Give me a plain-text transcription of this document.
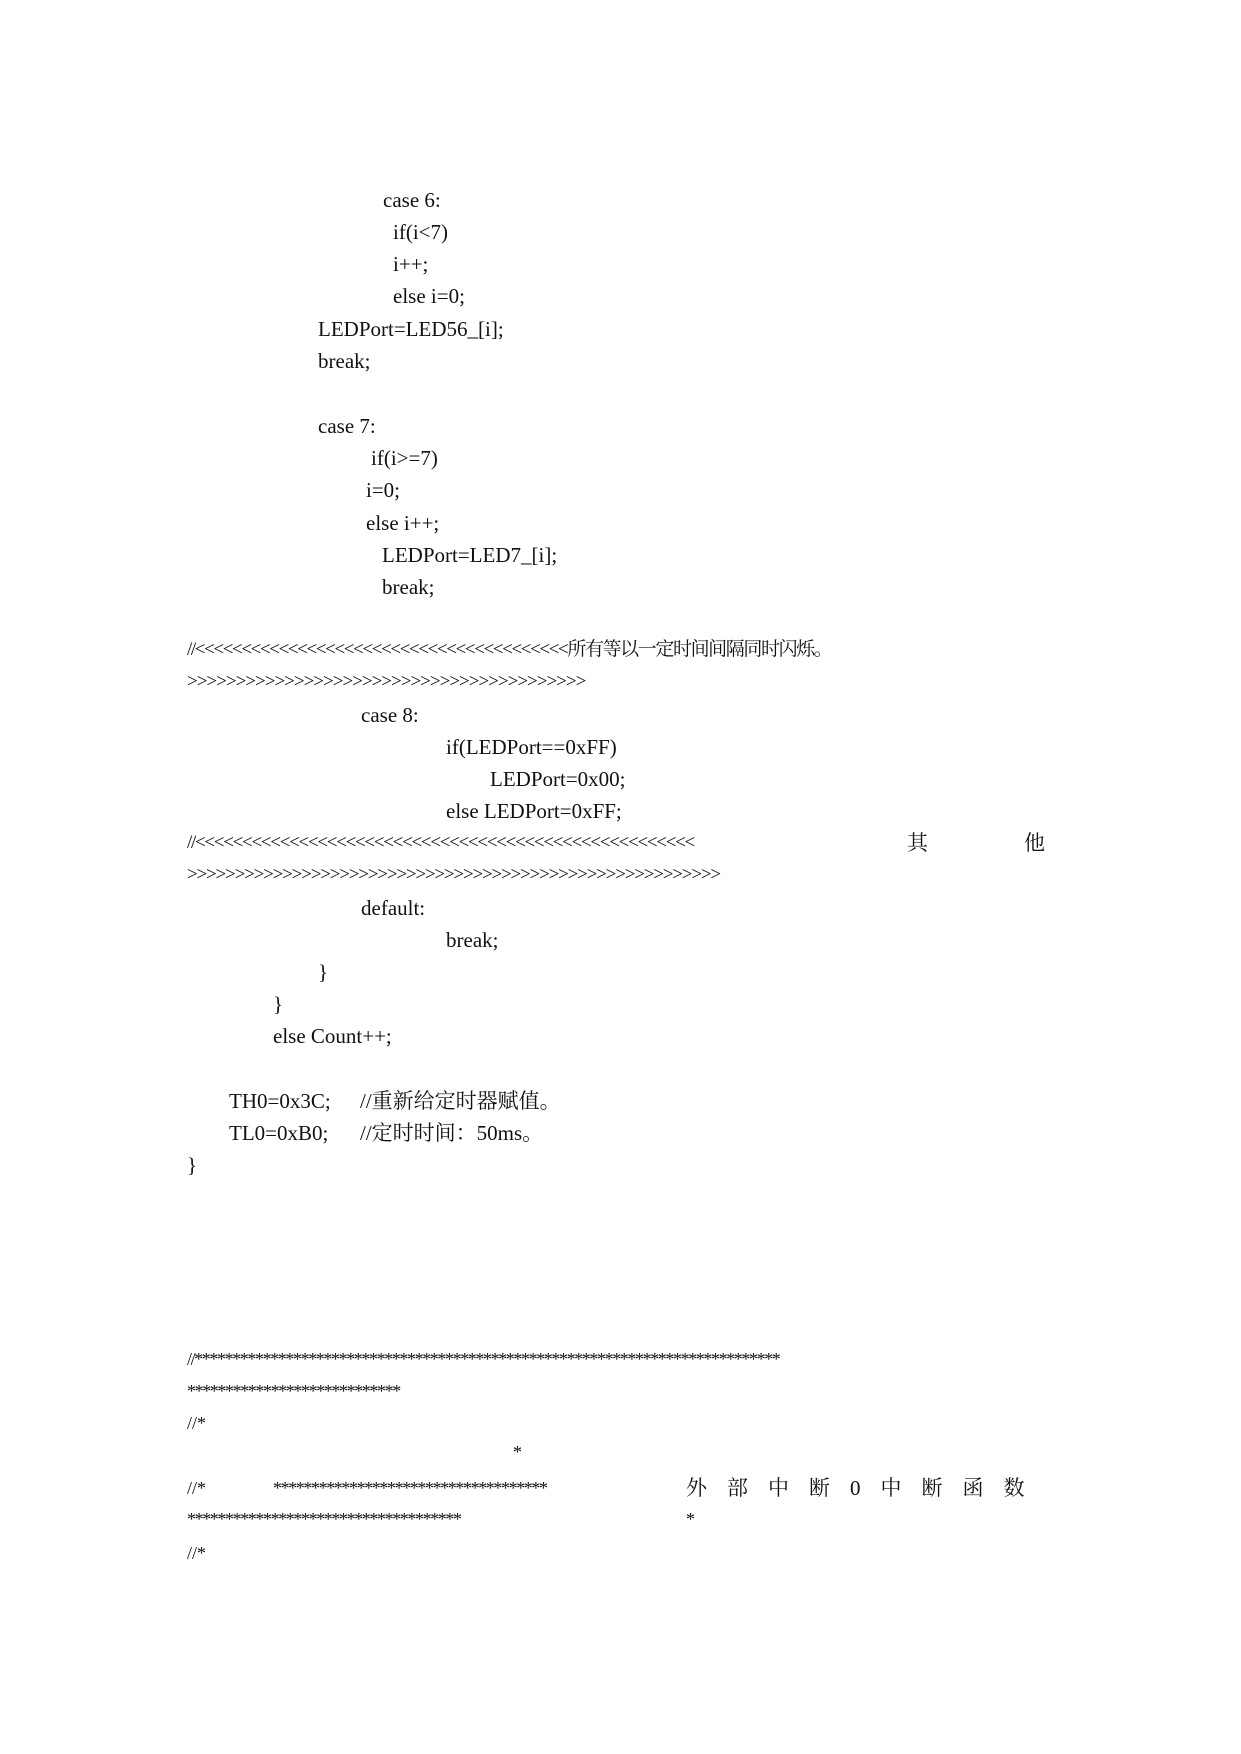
case 6:
if(i<7)
i++;
else i=0;
LEDPort=LED56_[i];
break;
case 7:
if(i>=7)
i=0;
else i++;
LEDPort=LED7_[i];
break;
//<<<<<<<<<<<<<<<<<<<<<<<<<<<<<<<<<<<<<<<<所有等以一定时间间隔同时闪烁。
>>>>>>>>>>>>>>>>>>>>>>>>>>>>>>>>>>>>>>>>>
case 8:
if(LEDPort==0xFF)
LEDPort=0x00;
else LEDPort=0xFF;
//<<<<<<<<<<<<<<<<<<<<<<<<<<<<<<<<<<<<<<<<<<<<<<<<<<<<<	其	他
>>>>>>>>>>>>>>>>>>>>>>>>>>>>>>>>>>>>>>>>>>>>>>>>>>>>>>>>
default:
break;
}
}
else Count++;
TH0=0x3C; //重新给定时器赋值。
TL0=0xB0; //定时时间：50ms。
}
//*****************************************************************************
****************************
//*
*
//*	************************************	外部中断0中断函数
************************************	*
//*
